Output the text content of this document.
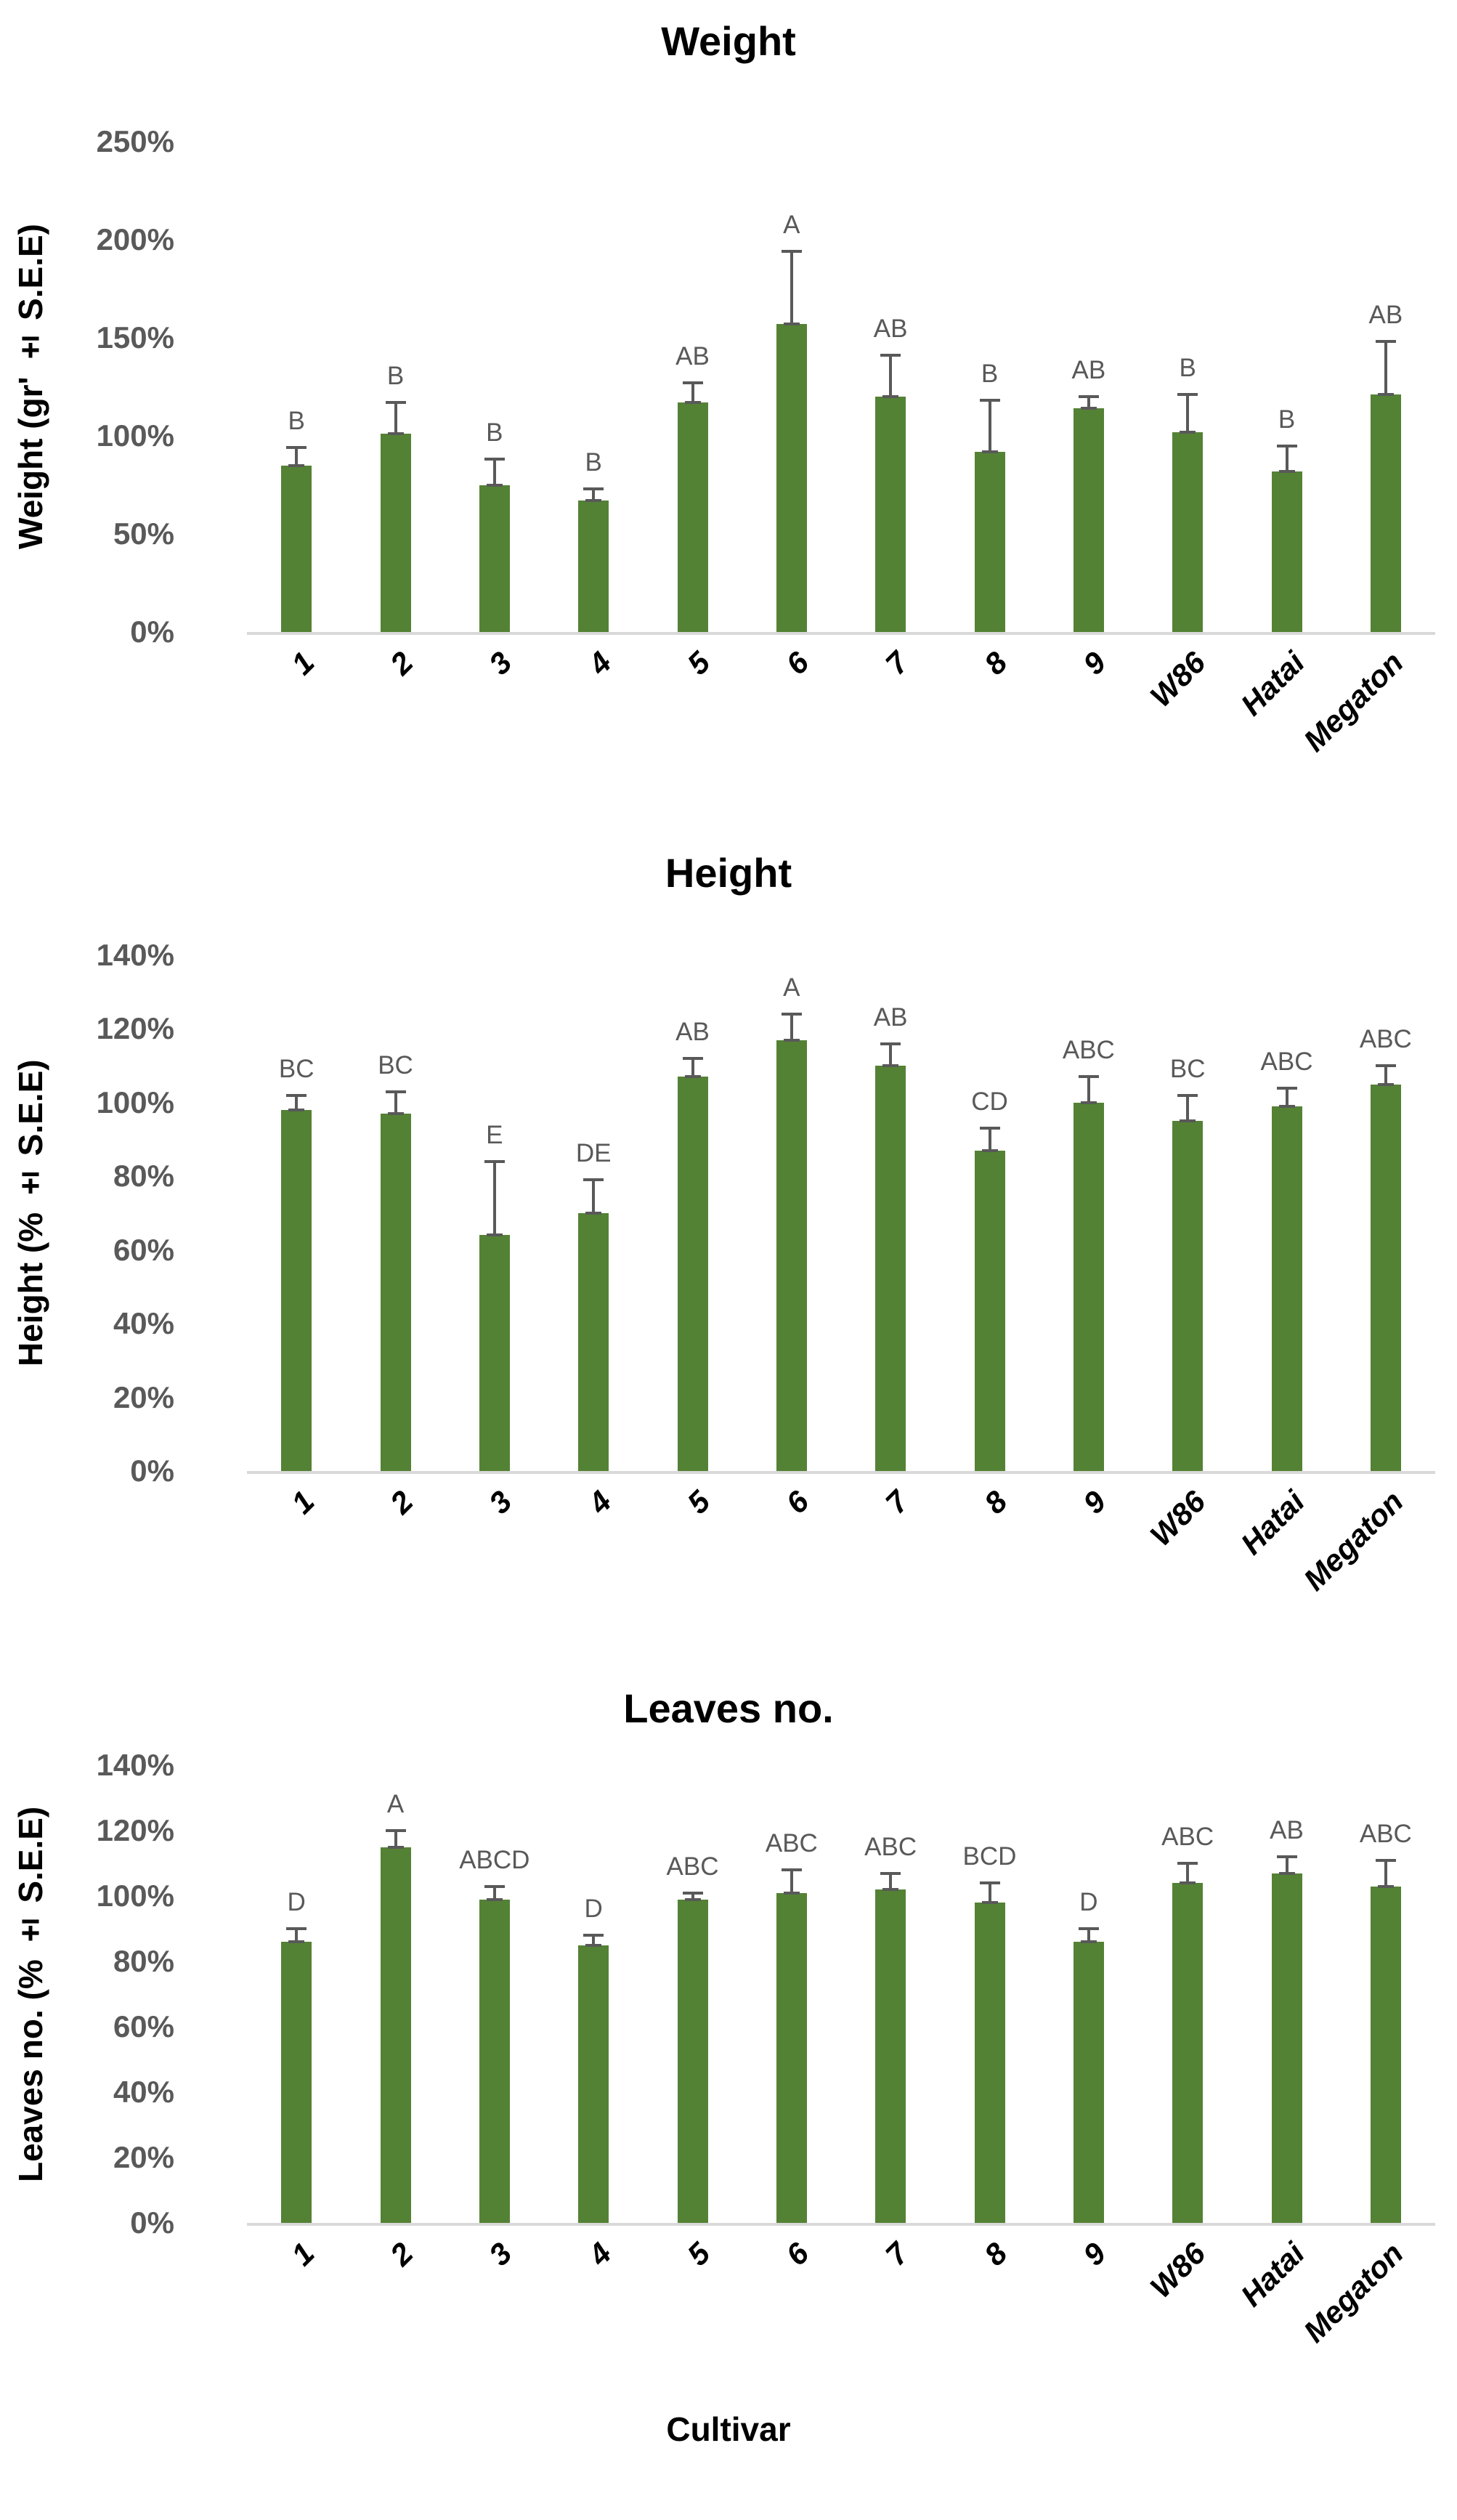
Weight
Weight (gr' ± S.E.E)
0%
50%
100%
150%
200%
250%
B
B
B
B
AB
A
AB
B	AB	B
B
AB
1 2 3 4 5 6 7 8 9 W86 Hatai
Megaton
Height
Height (% ± S.E.E)
0%
20%
40%
60%
80%
100%
120%
140%
BC	BC
E
DE
AB
A
AB
CD
ABC
BC ABC
ABC
1 2 3 4 5 6 7 8 9 W86 Hatai
Megaton
Leaves no.
Leaves no. (% ± S.E.E)
0%
20%
40%
60%
80%
100%
120%
140%
D
A
ABCD
D
ABC
ABC ABC BCD
D
ABC AB ABC
1 2 3 4 5 6 7 8 9 W86 Hatai
Megaton
Cultivar
